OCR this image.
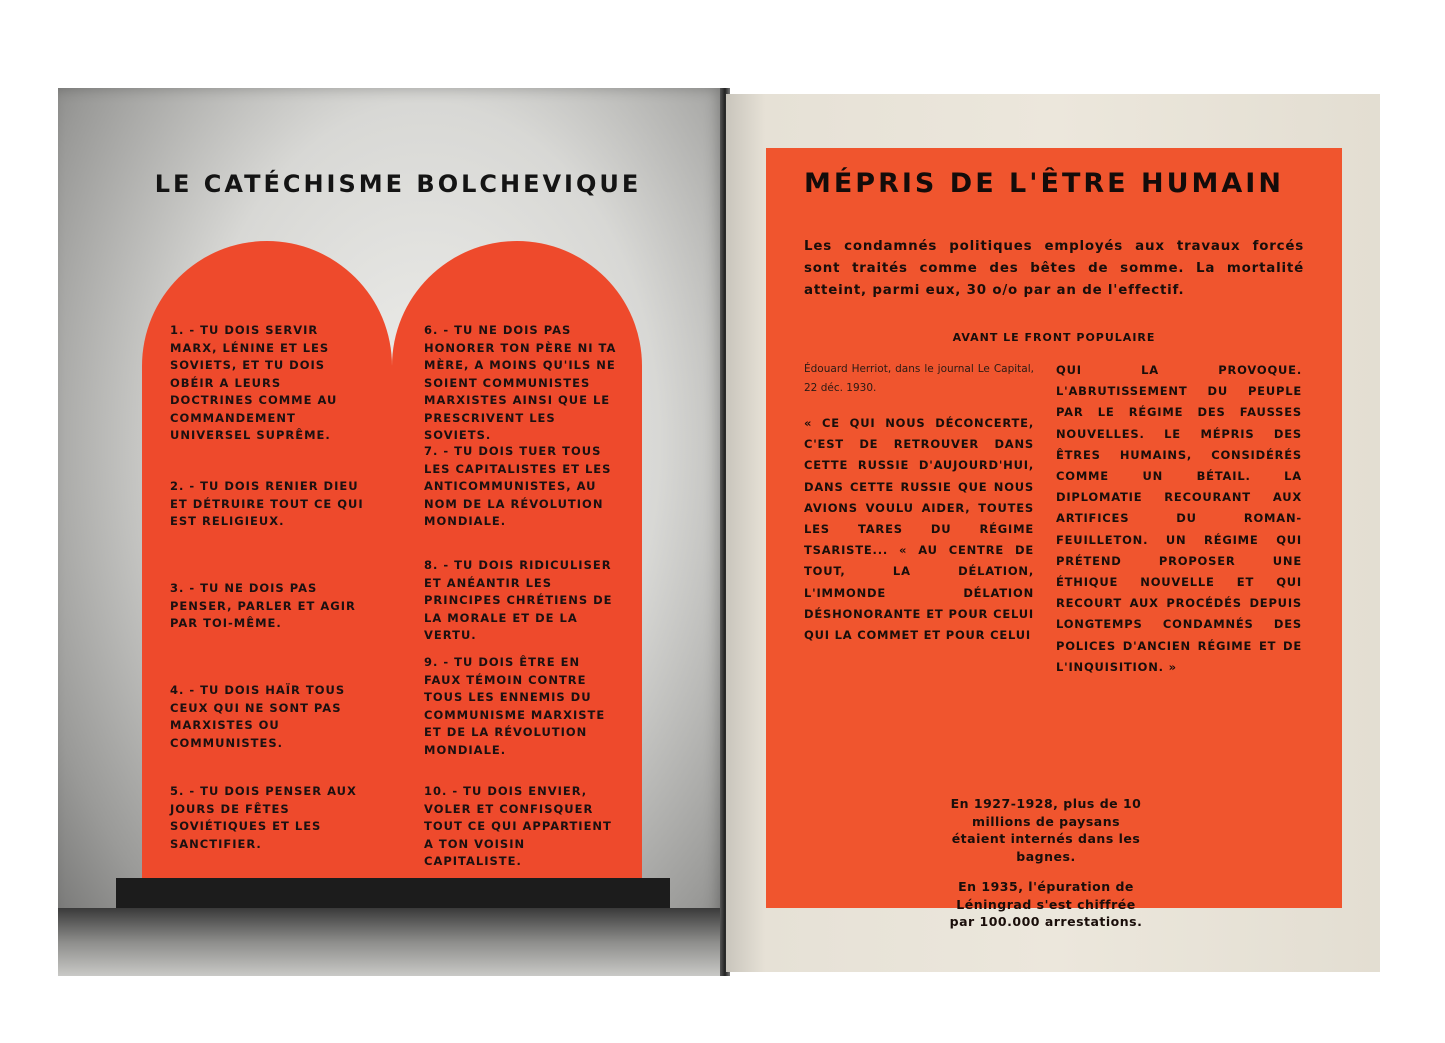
LE CATÉCHISME BOLCHEVIQUE
1. - TU DOIS SERVIR MARX, LÉNINE ET LES SOVIETS, ET TU DOIS OBÉIR A LEURS DOCTRINES COMME AU COMMANDEMENT UNIVERSEL SUPRÊME.
2. - TU DOIS RENIER DIEU ET DÉTRUIRE TOUT CE QUI EST RELIGIEUX.
3. - TU NE DOIS PAS PENSER, PARLER ET AGIR PAR TOI-MÊME.
4. - TU DOIS HAÏR TOUS CEUX QUI NE SONT PAS MARXISTES OU COMMUNISTES.
5. - TU DOIS PENSER AUX JOURS DE FÊTES SOVIÉTIQUES ET LES SANCTIFIER.
6. - TU NE DOIS PAS HONORER TON PÈRE NI TA MÈRE, A MOINS QU'ILS NE SOIENT COMMUNISTES MARXISTES AINSI QUE LE PRESCRIVENT LES SOVIETS.
7. - TU DOIS TUER TOUS LES CAPITALISTES ET LES ANTICOMMUNISTES, AU NOM DE LA RÉVOLUTION MONDIALE.
8. - TU DOIS RIDICULISER ET ANÉANTIR LES PRINCIPES CHRÉTIENS DE LA MORALE ET DE LA VERTU.
9. - TU DOIS ÊTRE EN FAUX TÉMOIN CONTRE TOUS LES ENNEMIS DU COMMUNISME MARXISTE ET DE LA RÉVOLUTION MONDIALE.
10. - TU DOIS ENVIER, VOLER ET CONFISQUER TOUT CE QUI APPARTIENT A TON VOISIN CAPITALISTE.
MÉPRIS DE L'ÊTRE HUMAIN
Les condamnés politiques employés aux travaux forcés sont traités comme des bêtes de somme. La mortalité atteint, parmi eux, 30 o/o par an de l'effectif.
AVANT LE FRONT POPULAIRE
Édouard Herriot, dans le journal Le Capital, 22 déc. 1930.
« CE QUI NOUS DÉCONCERTE, C'EST DE RETROUVER DANS CETTE RUSSIE D'AUJOURD'HUI, DANS CETTE RUSSIE QUE NOUS AVIONS VOULU AIDER, TOUTES LES TARES DU RÉGIME TSARISTE... « AU CENTRE DE TOUT, LA DÉLATION, L'IMMONDE DÉLATION DÉSHONORANTE ET POUR CELUI QUI LA COMMET ET POUR CELUI
QUI LA PROVOQUE. L'ABRUTISSEMENT DU PEUPLE PAR LE RÉGIME DES FAUSSES NOUVELLES. LE MÉPRIS DES ÊTRES HUMAINS, CONSIDÉRÉS COMME UN BÉTAIL. LA DIPLOMATIE RECOURANT AUX ARTIFICES DU ROMAN-FEUILLETON. UN RÉGIME QUI PRÉTEND PROPOSER UNE ÉTHIQUE NOUVELLE ET QUI RECOURT AUX PROCÉDÉS DEPUIS LONGTEMPS CONDAMNÉS DES POLICES D'ANCIEN RÉGIME ET DE L'INQUISITION. »
En 1927-1928, plus de 10 millions de paysans étaient internés dans les bagnes.
En 1935, l'épuration de Léningrad s'est chiffrée par 100.000 arrestations.
